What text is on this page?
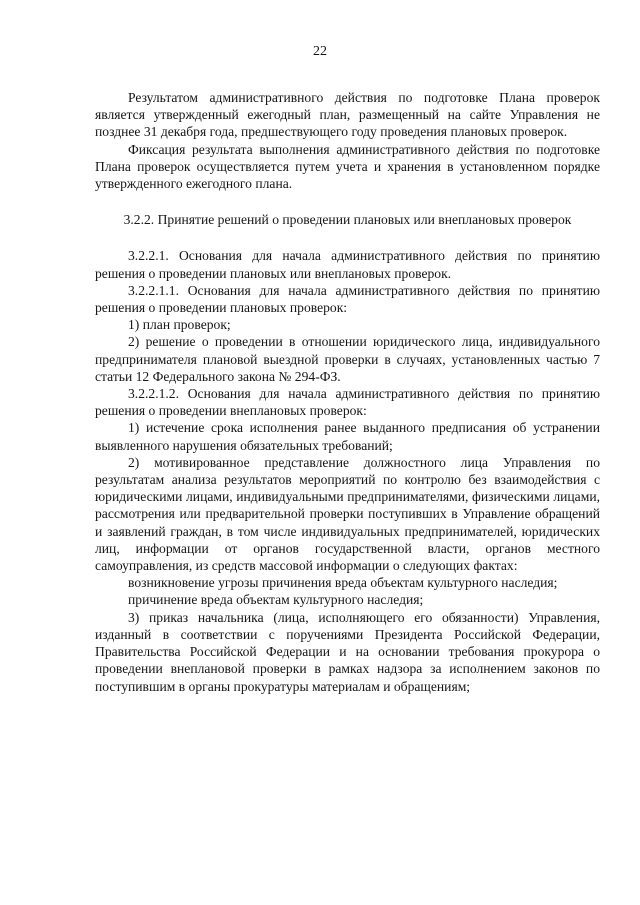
22

Результатом административного действия по подготовке Плана проверок является утвержденный ежегодный план, размещенный на сайте Управления не позднее 31 декабря года, предшествующего году проведения плановых проверок.

Фиксация результата выполнения административного действия по подготовке Плана проверок осуществляется путем учета и хранения в установленном порядке утвержденного ежегодного плана.

3.2.2. Принятие решений о проведении плановых или внеплановых проверок

3.2.2.1. Основания для начала административного действия по принятию решения о проведении плановых или внеплановых проверок.

3.2.2.1.1. Основания для начала административного действия по принятию решения о проведении плановых проверок:

1) план проверок;

2) решение о проведении в отношении юридического лица, индивидуального предпринимателя плановой выездной проверки в случаях, установленных частью 7 статьи 12 Федерального закона № 294-ФЗ.

3.2.2.1.2. Основания для начала административного действия по принятию решения о проведении внеплановых проверок:

1) истечение срока исполнения ранее выданного предписания об устранении выявленного нарушения обязательных требований;

2) мотивированное представление должностного лица Управления по результатам анализа результатов мероприятий по контролю без взаимодействия с юридическими лицами, индивидуальными предпринимателями, физическими лицами, рассмотрения или предварительной проверки поступивших в Управление обращений и заявлений граждан, в том числе индивидуальных предпринимателей, юридических лиц, информации от органов государственной власти, органов местного самоуправления, из средств массовой информации о следующих фактах:

возникновение угрозы причинения вреда объектам культурного наследия;

причинение вреда объектам культурного наследия;

3) приказ начальника (лица, исполняющего его обязанности) Управления, изданный в соответствии с поручениями Президента Российской Федерации, Правительства Российской Федерации и на основании требования прокурора о проведении внеплановой проверки в рамках надзора за исполнением законов по поступившим в органы прокуратуры материалам и обращениям;
